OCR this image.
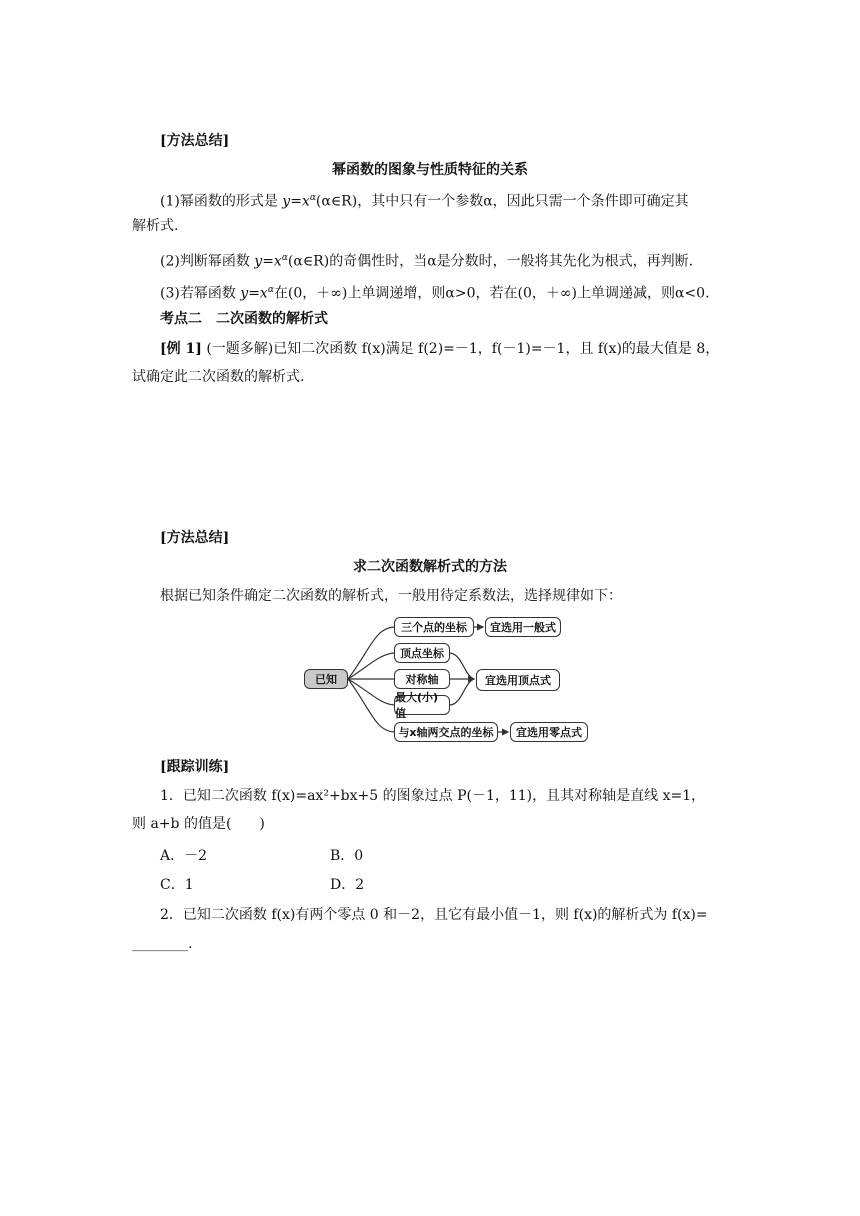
[方法总结]
幂函数的图象与性质特征的关系
(1)幂函数的形式是 $y=x^\alpha(\alpha\in R)$，其中只有一个参数α，因此只需一个条件即可确定其
解析式.
(2)判断幂函数 $y=x^\alpha(\alpha\in R)$的奇偶性时，当α是分数时，一般将其先化为根式，再判断.
(3)若幂函数 $y=x^\alpha$在(0，＋∞)上单调递增，则α>0，若在(0，＋∞)上单调递减，则α<0.
考点二　二次函数的解析式
[例 1] (一题多解)已知二次函数 f(x)满足 f(2)=－1，f(－1)=－1，且 f(x)的最大值是 8，
试确定此二次函数的解析式.
[方法总结]
求二次函数解析式的方法
根据已知条件确定二次函数的解析式，一般用待定系数法，选择规律如下：
已知
三个点的坐标
顶点坐标
对称轴
最大(小)值
与x轴两交点的坐标
宜选用一般式
宜选用顶点式
宜选用零点式
[跟踪训练]
1．已知二次函数 f(x)=ax²+bx+5 的图象过点 P(－1，11)，且其对称轴是直线 x=1，
则 a+b 的值是(　　)
A．－2	B．0
C．1	D．2
2．已知二次函数 f(x)有两个零点 0 和－2，且它有最小值－1，则 f(x)的解析式为 f(x)=
________.
